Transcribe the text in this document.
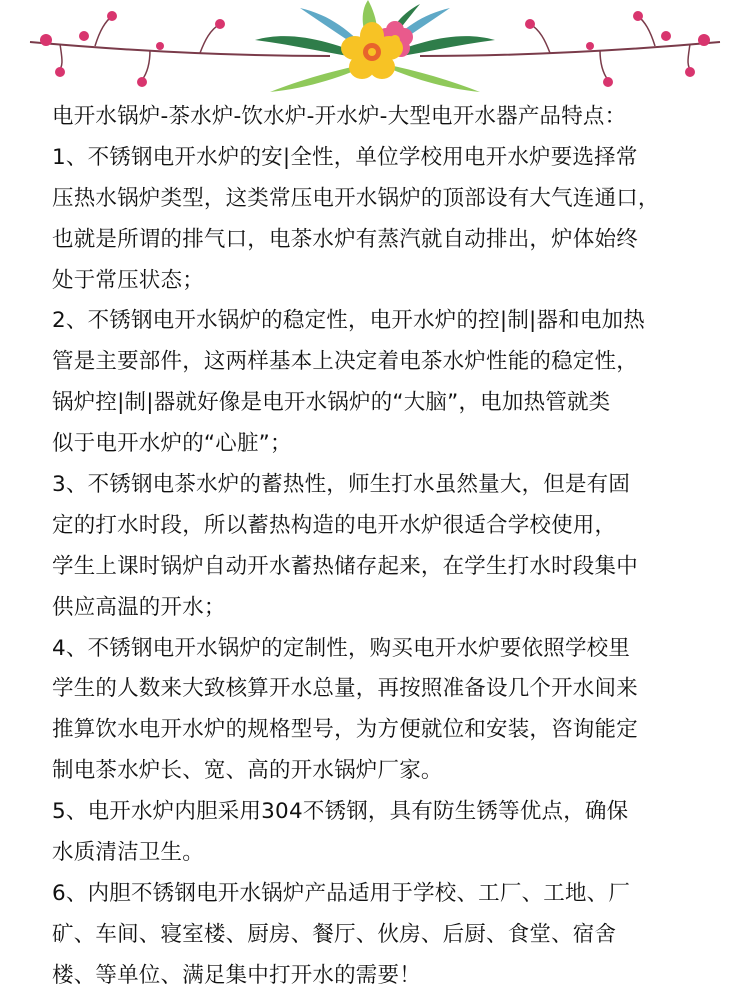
电开水锅炉-茶水炉-饮水炉-开水炉-大型电开水器产品特点：
1、不锈钢电开水炉的安|全性，单位学校用电开水炉要选择常
压热水锅炉类型，这类常压电开水锅炉的顶部设有大气连通口，
也就是所谓的排气口，电茶水炉有蒸汽就自动排出，炉体始终
处于常压状态；
2、不锈钢电开水锅炉的稳定性，电开水炉的控|制|器和电加热
管是主要部件，这两样基本上决定着电茶水炉性能的稳定性，
锅炉控|制|器就好像是电开水锅炉的“大脑”，电加热管就类
似于电开水炉的“心脏”；
3、不锈钢电茶水炉的蓄热性，师生打水虽然量大，但是有固
定的打水时段，所以蓄热构造的电开水炉很适合学校使用，
学生上课时锅炉自动开水蓄热储存起来，在学生打水时段集中
供应高温的开水；
4、不锈钢电开水锅炉的定制性，购买电开水炉要依照学校里
学生的人数来大致核算开水总量，再按照准备设几个开水间来
推算饮水电开水炉的规格型号，为方便就位和安装，咨询能定
制电茶水炉长、宽、高的开水锅炉厂家。
5、电开水炉内胆采用304不锈钢，具有防生锈等优点，确保
水质清洁卫生。
6、内胆不锈钢电开水锅炉产品适用于学校、工厂、工地、厂
矿、车间、寝室楼、厨房、餐厅、伙房、后厨、食堂、宿舍
楼、等单位、满足集中打开水的需要！
